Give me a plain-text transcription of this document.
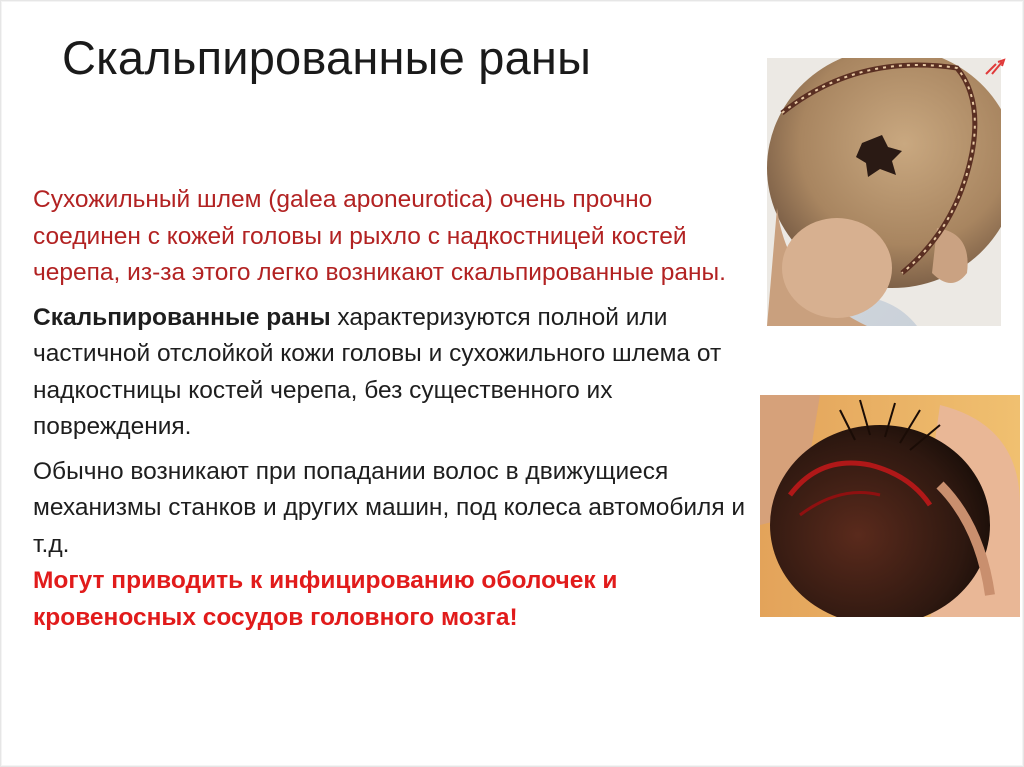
Скальпированные раны

Сухожильный шлем (galea aponeurotica) очень прочно соединен с кожей головы и рыхло с надкостницей костей черепа, из-за этого легко возникают скальпированные раны.

Скальпированные раны характеризуются полной или частичной отслойкой кожи головы и сухожильного шлема от надкостницы костей черепа, без существенного их повреждения.

Обычно возникают при попадании волос в движущиеся механизмы станков и других машин, под колеса автомобиля и т.д.

Могут приводить к инфицированию оболочек и кровеносных сосудов головного мозга!
